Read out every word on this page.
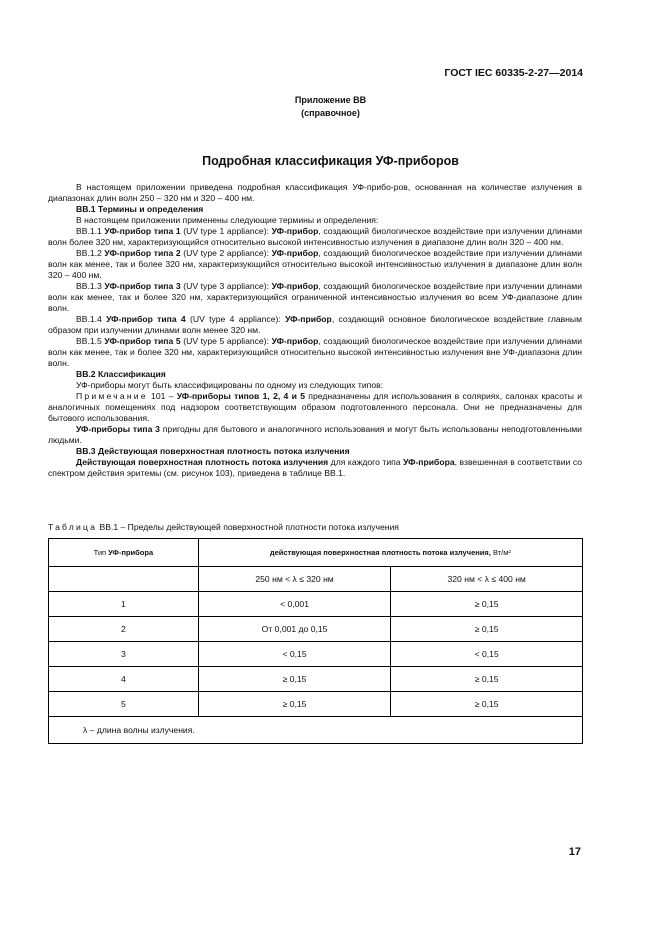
ГОСТ IEC 60335-2-27—2014
Приложение ВВ
(справочное)
Подробная классификация УФ-приборов

В настоящем приложении приведена подробная классификация УФ-прибо-ров, основанная на количестве излучения в диапазонах длин волн 250 – 320 нм и 320 – 400 нм.

ВВ.1 Термины и определения

В настоящем приложении применены следующие термины и определения:

ВВ.1.1 УФ-прибор типа 1 (UV type 1 appliance): УФ-прибор, создающий биологическое воздействие при излучении длинами волн более 320 нм, характеризующийся относительно высокой интенсивностью излучения в диапазоне длин волн 320 – 400 нм.

ВВ.1.2 УФ-прибор типа 2 (UV type 2 appliance): УФ-прибор, создающий биологическое воздействие при излучении длинами волн как менее, так и более 320 нм, характеризующийся относительно высокой интенсивностью излучения в диапазоне длин волн 320 – 400 нм.

ВВ.1.3 УФ-прибор типа 3 (UV type 3 appliance): УФ-прибор, создающий биологическое воздействие при излучении длинами волн как менее, так и более 320 нм, характеризующийся ограниченной интенсивностью излучения во всем УФ-диапазоне длин волн.

ВВ.1.4 УФ-прибор типа 4 (UV type 4 appliance): УФ-прибор, создающий основное биологическое воздействие главным образом при излучении длинами волн менее 320 нм.

ВВ.1.5 УФ-прибор типа 5 (UV type 5 appliance): УФ-прибор, создающий биологическое воздействие при излучении длинами волн как менее, так и более 320 нм, характеризующийся относительно высокой интенсивностью излучения вне УФ-диапазона длин волн.

ВВ.2 Классификация

УФ-приборы могут быть классифицированы по одному из следующих типов:

Примечание 101 – УФ-приборы типов 1, 2, 4 и 5 предназначены для использования в соляриях, салонах красоты и аналогичных помещениях под надзором соответствующим образом подготовленного персонала. Они не предназначены для бытового использования.

УФ-приборы типа 3 пригодны для бытового и аналогичного использования и могут быть использованы неподготовленными людьми.

ВВ.3 Действующая поверхностная плотность потока излучения

Действующая поверхностная плотность потока излучения для каждого типа УФ-прибора, взвешенная в соответствии со спектром действия эритемы (см. рисунок 103), приведена в таблице ВВ.1.

Таблица ВВ.1 – Пределы действующей поверхностной плотности потока излучения
Тип УФ-прибора	действующая поверхностная плотность потока излучения, Вт/м²	
	250 нм < λ ≤ 320 нм	320 нм < λ ≤ 400 нм
1	< 0,001	≥ 0,15
2	От 0,001 до 0,15	≥ 0,15
3	< 0,15	< 0,15
4	≥ 0,15	≥ 0,15
5	≥ 0,15	≥ 0,15
λ – длина волны излучения.		
17
